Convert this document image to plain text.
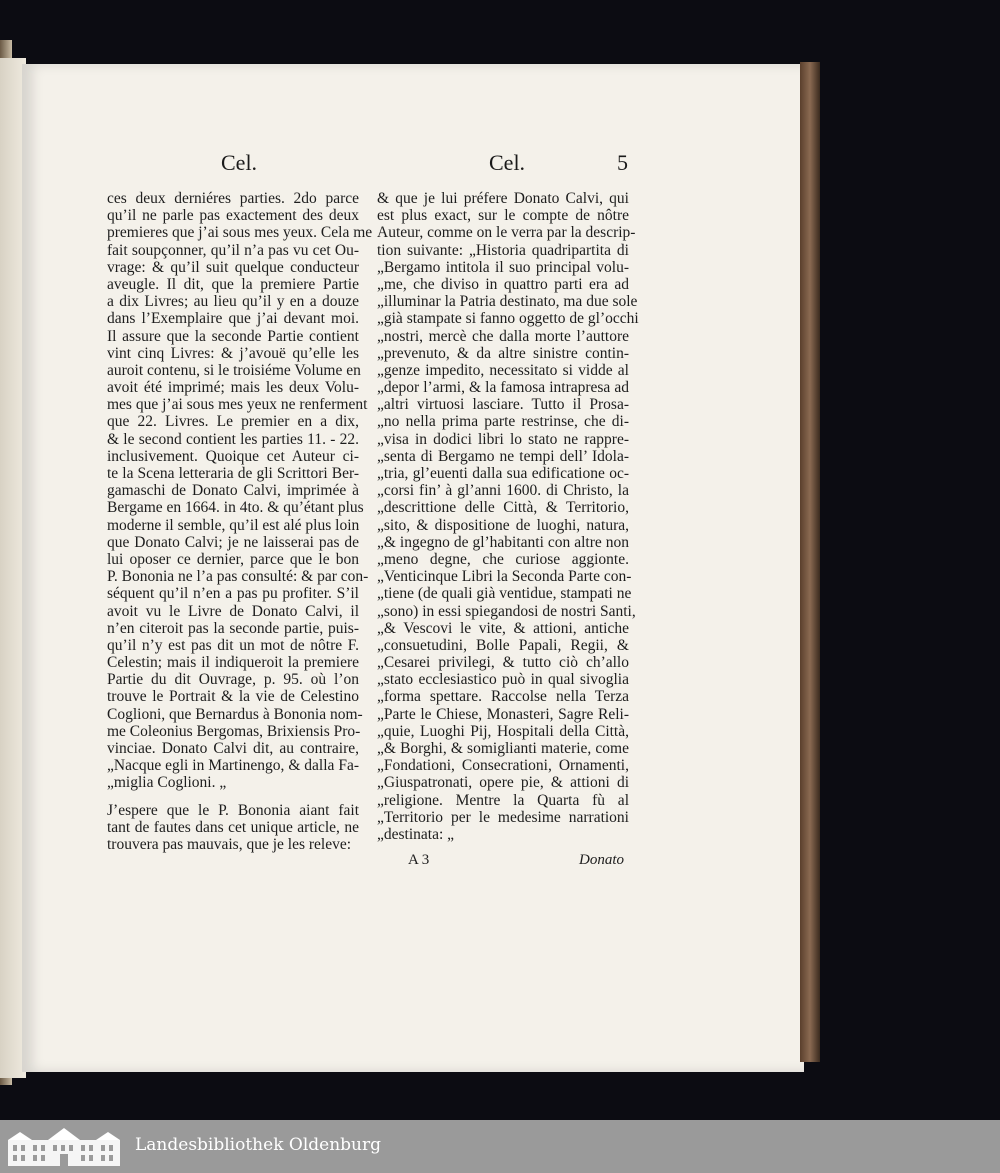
Cel.	Cel.	5
ces deux derniéres parties. 2do parce
qu’il ne parle pas exactement des deux
premieres que j’ai sous mes yeux. Cela me
fait soupçonner, qu’il n’a pas vu cet Ou-
vrage: & qu’il suit quelque conducteur
aveugle. Il dit, que la premiere Partie
a dix Livres; au lieu qu’il y en a douze
dans l’Exemplaire que j’ai devant moi.
Il assure que la seconde Partie contient
vint cinq Livres: & j’avouë qu’elle les
auroit contenu, si le troisiéme Volume en
avoit été imprimé; mais les deux Volu-
mes que j’ai sous mes yeux ne renferment
que 22. Livres. Le premier en a dix,
& le second contient les parties 11. - 22.
inclusivement. Quoique cet Auteur ci-
te la Scena letteraria de gli Scrittori Ber-
gamaschi de Donato Calvi, imprimée à
Bergame en 1664. in 4to. & qu’étant plus
moderne il semble, qu’il est alé plus loin
que Donato Calvi; je ne laisserai pas de
lui oposer ce dernier, parce que le bon
P. Bononia ne l’a pas consulté: & par con-
séquent qu’il n’en a pas pu profiter. S’il
avoit vu le Livre de Donato Calvi, il
n’en citeroit pas la seconde partie, puis-
qu’il n’y est pas dit un mot de nôtre F.
Celestin; mais il indiqueroit la premiere
Partie du dit Ouvrage, p. 95. où l’on
trouve le Portrait & la vie de Celestino
Coglioni, que Bernardus à Bononia nom-
me Coleonius Bergomas, Brixiensis Pro-
vinciae. Donato Calvi dit, au contraire,
„Nacque egli in Martinengo, & dalla Fa-
„miglia Coglioni. „
J’espere que le P. Bononia aiant fait
tant de fautes dans cet unique article, ne
trouvera pas mauvais, que je les releve:
& que je lui préfere Donato Calvi, qui
est plus exact, sur le compte de nôtre
Auteur, comme on le verra par la descrip-
tion suivante: „Historia quadripartita di
„Bergamo intitola il suo principal volu-
„me, che diviso in quattro parti era ad
„illuminar la Patria destinato, ma due sole
„già stampate si fanno oggetto de gl’occhi
„nostri, mercè che dalla morte l’auttore
„prevenuto, & da altre sinistre contin-
„genze impedito, necessitato si vidde al
„depor l’armi, & la famosa intrapresa ad
„altri virtuosi lasciare. Tutto il Prosa-
„no nella prima parte restrinse, che di-
„visa in dodici libri lo stato ne rappre-
„senta di Bergamo ne tempi dell’ Idola-
„tria, gl’euenti dalla sua edificatione oc-
„corsi fin’ à gl’anni 1600. di Christo, la
„descrittione delle Città, & Territorio,
„sito, & dispositione de luoghi, natura,
„& ingegno de gl’habitanti con altre non
„meno degne, che curiose aggionte.
„Venticinque Libri la Seconda Parte con-
„tiene (de quali già ventidue, stampati ne
„sono) in essi spiegandosi de nostri Santi,
„& Vescovi le vite, & attioni, antiche
„consuetudini, Bolle Papali, Regii, &
„Cesarei privilegi, & tutto ciò ch’allo
„stato ecclesiastico può in qual sivoglia
„forma spettare. Raccolse nella Terza
„Parte le Chiese, Monasteri, Sagre Reli-
„quie, Luoghi Pij, Hospitali della Città,
„& Borghi, & somiglianti materie, come
„Fondationi, Consecrationi, Ornamenti,
„Giuspatronati, opere pie, & attioni di
„religione. Mentre la Quarta fù al
„Territorio per le medesime narrationi
„destinata: „
A 3	Donato
Landesbibliothek Oldenburg
